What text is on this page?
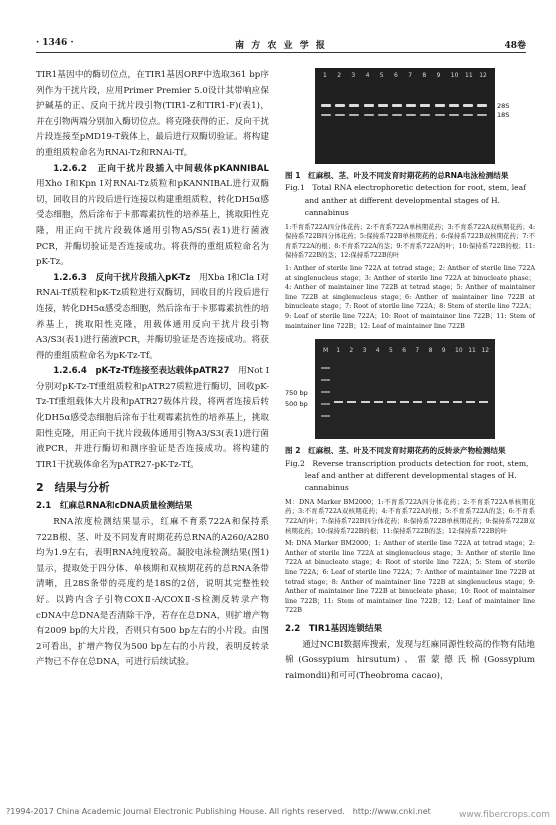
· 1346 ·	南 方 农 业 学 报	48卷

TIR1基因中的酶切位点，在TIR1基因ORF中选取361 bp序列作为干扰片段，应用Primer Premier 5.0设计其带响应保护碱基的正、反向干扰片段引物(TIR1-Z和TIR1-F)(表1)，并在引物两端分别加入酶切位点。将克隆获得的正、反向干扰片段连接至pMD19-T载体上，最后进行双酶切验证。将构建的重组质粒命名为RNAi-Tz和RNAi-Tf。

1.2.6.2　正向干扰片段插入中间载体pKANNIBAL　用Xho Ⅰ和Kpn Ⅰ对RNAi-Tz质粒和pKANNIBAL进行双酶切，回收目的片段后进行连接以构建重组质粒，转化DH5α感受态细胞，然后涂布于卡那霉素抗性的培养基上，挑取阳性克隆，用正向干扰片段载体通用引物A5/S5(表1)进行菌液PCR，并酶切验证是否连接成功。将获得的重组质粒命名为pK-Tz。

1.2.6.3　反向干扰片段插入pK-Tz　 用Xba Ⅰ和Cla Ⅰ对RNAi-Tf质粒和pK-Tz质粒进行双酶切，回收目的片段后进行连接，转化DH5α感受态细胞，然后涂布于卡那霉素抗性的培养基上，挑取阳性克隆，用载体通用反向干扰片段引物A3/S3(表1)进行菌液PCR，并酶切验证是否连接成功。将获得的重组质粒命名为pK-Tz-Tf。

1.2.6.4　pK-Tz-Tf连接至表达载体pATR27　 用Not Ⅰ分别对pK-Tz-Tf重组质粒和pATR27质粒进行酶切，回收pK-Tz-Tf重组载体大片段和pATR27载体片段，将两者连接后转化DH5α感受态细胞后涂布于壮观霉素抗性的培养基上，挑取阳性克隆，用正向干扰片段载体通用引物A3/S3(表1)进行菌液PCR，并进行酶切和测序验证是否连接成功。将构建的TIR1干扰载体命名为pATR27-pK-Tz-Tf。

2　结果与分析
2.1　红麻总RNA和cDNA质量检测结果

RNA浓度检测结果显示，红麻不育系722A和保持系722B根、茎、叶及不同发育时期花药总RNA的A260/A280均为1.9左右，表明RNA纯度较高。凝胶电泳检测结果(图1)显示，提取处于四分体、单核期和双核期花药的总RNA条带清晰，且28S条带的亮度约是18S的2倍，说明其完整性较好。以跨内含子引物COXⅡ-A/COXⅡ-S检测反转录产物cDNA中总DNA是否清除干净，若存在总DNA，则扩增产物有2009 bp的大片段，否则只有500 bp左右的小片段。由图2可看出，扩增产物仅为500 bp左右的小片段，表明反转录产物已不存在总DNA，可进行后续试验。

1 2 3 4 5 6 7 8 9 10 11 12
28S
18S
图 1　红麻根、茎、叶及不同发育时期花药的总RNA电泳检测结果
Fig.1　Total RNA electrophoretic detection for root, stem, leaf and anther at different developmental stages of H. cannabinus
1:不育系722A四分体花药；2:不育系722A单核期花药；3:不育系722A双核期花药；4:保持系722B四分体花药；5:保持系722B单核期花药；6:保持系722B双核期花药；7:不育系722A的根；8:不育系722A的茎；9:不育系722A的叶；10:保持系722B的根；11:保持系722B的茎；12:保持系722B的叶
1: Anther of sterile line 722A at tetrad stage；2: Anther of sterile line 722A at singlenucleus stage；3: Anther of sterile line 722A at binucleate phase；4: Anther of maintainer line 722B at tetrad stage；5: Anther of maintainer line 722B at singlenucleus stage；6: Anther of maintainer line 722B at binucleate stage；7: Root of sterile line 722A；8: Stem of sterile line 722A；9: Leaf of sterile line 722A；10: Root of maintainer line 722B；11: Stem of maintainer line 722B；12: Leaf of maintainer line 722B
M 1 2 3 4 5 6 7 8 9 10 11 12
750 bp
500 bp
图 2　红麻根、茎、叶及不同发育时期花药的反转录产物检测结果
Fig.2　Reverse transcription products detection for root, stem, leaf and anther at different developmental stages of H. cannabinus
M：DNA Marker BM2000；1:不育系722A四分体花药；2:不育系722A单核期花药；3:不育系722A双核期花药；4:不育系722A的根；5:不育系722A的茎；6:不育系722A的叶；7:保持系722B四分体花药；8:保持系722B单核期花药；9:保持系722B双核期花药；10:保持系722B的根；11:保持系722B的茎；12:保持系722B的叶
M: DNA Marker BM2000；1: Anther of sterile line 722A at tetrad stage；2: Anther of sterile line 722A at singlenucleus stage；3: Anther of sterile line 722A at binucleate stage；4: Root of sterile line 722A；5: Stem of sterile line 722A；6: Leaf of sterile line 722A；7: Anther of maintainer line 722B at tetrad stage；8: Anther of maintainer line 722B at singlenucleus stage；9: Anther of maintainer line 722B at binucleate phase；10: Root of maintainer line 722B；11: Stem of maintainer line 722B；12: Leaf of maintainer line 722B
2.2　TIR1基因连锁结果

通过NCBI数据库搜索，发现与红麻同源性较高的作物有陆地棉(Gossypium hirsutum)、雷蒙德氏棉(Gossypium raimondii)和可可(Theobroma cacao)，

?1994-2017 China Academic Journal Electronic Publishing House. All rights reserved.　http://www.cnki.net	www.fibercrops.com
